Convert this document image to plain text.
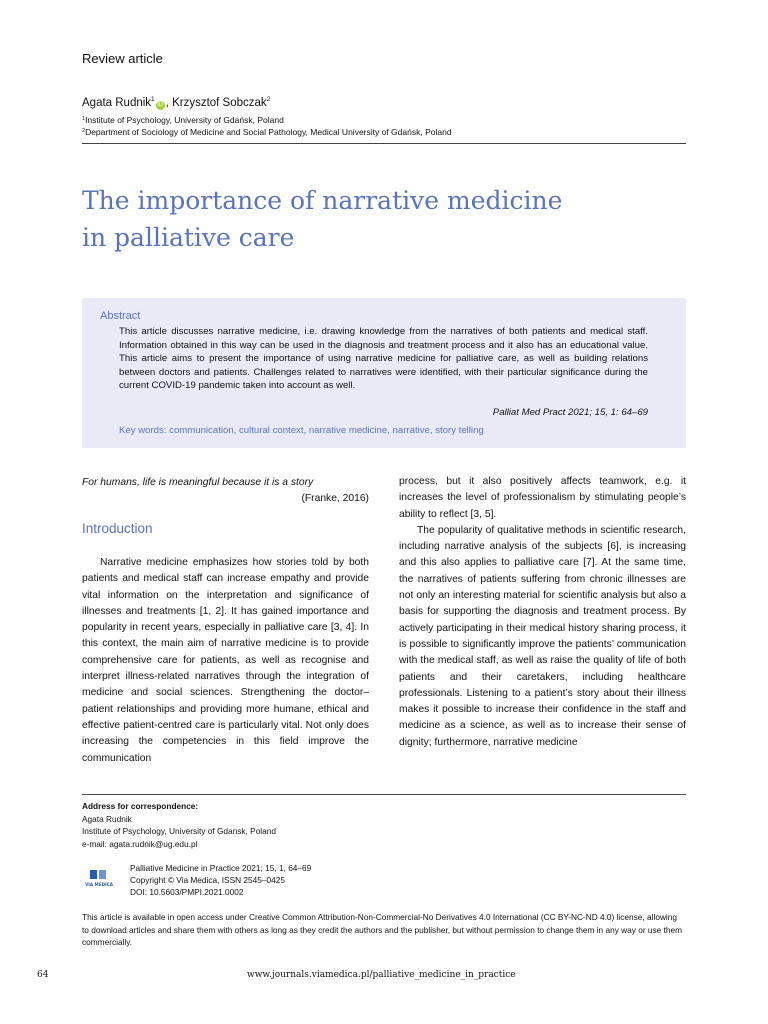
Review article
Agata Rudnik$^1$iD , Krzysztof Sobczak$^2$
$^1$Institute of Psychology, University of Gdańsk, Poland
$^2$Department of Sociology of Medicine and Social Pathology, Medical University of Gdańsk, Poland
The importance of narrative medicine
in palliative care
Abstract

This article discusses narrative medicine, i.e. drawing knowledge from the narratives of both patients and medical staff. Information obtained in this way can be used in the diagnosis and treatment process and it also has an educational value. This article aims to present the importance of using narrative medicine for palliative care, as well as building relations between doctors and patients. Challenges related to narratives were identified, with their particular significance during the current COVID-19 pandemic taken into account as well.

Palliat Med Pract 2021; 15, 1: 64–69
Key words: communication, cultural context, narrative medicine, narrative, story telling
For humans, life is meaningful because it is a story
(Franke, 2016)
Introduction

Narrative medicine emphasizes how stories told by both patients and medical staff can increase empathy and provide vital information on the interpretation and significance of illnesses and treatments [1, 2]. It has gained importance and popularity in recent years, especially in palliative care [3, 4]. In this context, the main aim of narrative medicine is to provide comprehensive care for patients, as well as recognise and interpret illness-related narratives through the integration of medicine and social sciences. Strengthening the doctor–patient relationships and providing more humane, ethical and effective patient-centred care is particularly vital. Not only does increasing the competencies in this field improve the communication

process, but it also positively affects teamwork, e.g. it increases the level of professionalism by stimulating people’s ability to reflect [3, 5].

The popularity of qualitative methods in scientific research, including narrative analysis of the subjects [6], is increasing and this also applies to palliative care [7]. At the same time, the narratives of patients suffering from chronic illnesses are not only an interesting material for scientific analysis but also a basis for supporting the diagnosis and treatment process. By actively participating in their medical history sharing process, it is possible to significantly improve the patients’ communication with the medical staff, as well as raise the quality of life of both patients and their caretakers, including healthcare professionals. Listening to a patient’s story about their illness makes it possible to increase their confidence in the staff and medicine as a science, as well as to increase their sense of dignity; furthermore, narrative medicine

Address for correspondence:
Agata Rudnik
Institute of Psychology, University of Gdansk, Poland
e-mail: agata.rudnik@ug.edu.pl
VIA MEDICA
Palliative Medicine in Practice 2021; 15, 1, 64–69
Copyright © Via Medica, ISSN 2545–0425
DOI: 10.5603/PMPI.2021.0002

This article is available in open access under Creative Common Attribution-Non-Commercial-No Derivatives 4.0 International (CC BY-NC-ND 4.0) license, allowing to download articles and share them with others as long as they credit the authors and the publisher, but without permission to change them in any way or use them commercially.

64	www.journals.viamedica.pl/palliative_medicine_in_practice
